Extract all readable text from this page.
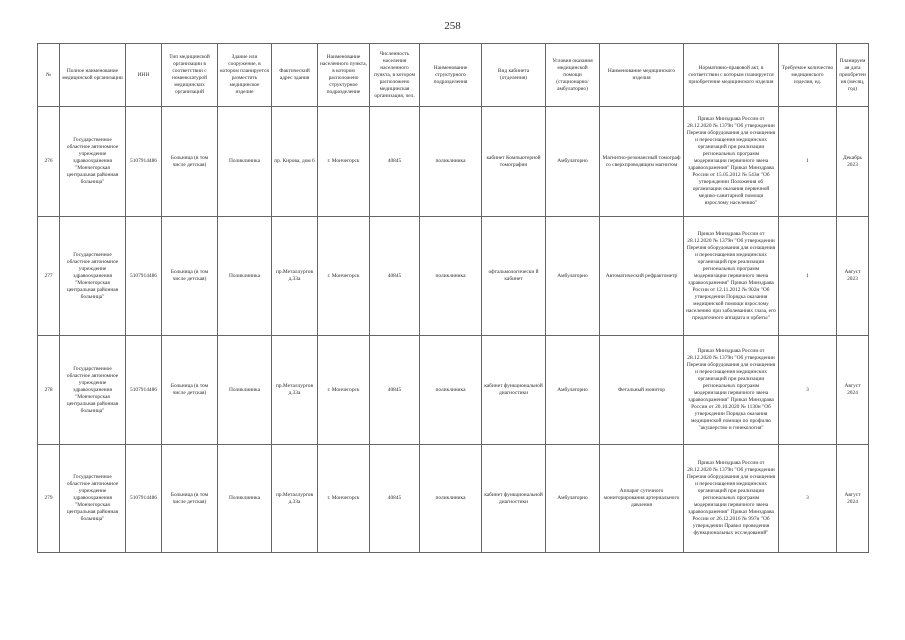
258
№	Полное наименование медицинской организации	ИНН	Тип медицинской организации в соответствии с номенклатурой медицинских организаций	Здание или сооружение, в котором планируется разместить медицинское изделие	Фактический адрес здания	Наименование населенного пункта, в котором расположено структурное подразделение	Численность населения населенного пункта, в котором расположено медицинская организация, чел.	Наименование структурного подразделения	Вид кабинета (отделения)	Условия оказания медицинской помощи (стационарно/амбулаторно)	Наименование медицинского изделия	Нормативно-правовой акт, в соответствии с которым планируется приобретение медицинского изделия	Требуемое количество медицинского изделия, ед.	Планируемая дата приобретения (месяц, год)
276	Государственное областное автономное учреждение здравоохранения "Мончегорская центральная районная больница"	5107914486	Больница (в том числе детская)	Поликлиника	пр. Кирова, дом 6	г. Мончегорск	40845	поликлиника	кабинет Компьютерной томографии	Амбулаторно	Магнитно-резонансный томограф со сверхпроводящим магнитом	Приказ Минздрава России от 28.12.2020 № 1379н "Об утверждении Перечня оборудования для оснащения и переоснащения медицинских организаций при реализации региональных программ модернизации первичного звена здравоохранения" Приказ Минздрава России от 15.05.2012 № 543н "Об утверждении Положения об организации оказания первичной медико-санитарной помощи взрослому населению"	1	Декабрь 2023
277	Государственное областное автономное учреждение здравоохранения "Мончегорская центральная районная больница"	5107914486	Больница (в том числе детская)	Поликлиника	пр.Металлургов д.33а	г. Мончегорск	40845	поликлиника	офтальмологически й кабинет	Амбулаторно	Автоматический рефрактометр	Приказ Минздрава России от 28.12.2020 № 1379н "Об утверждении Перечня оборудования для оснащения и переоснащения медицинских организаций при реализации региональных программ модернизации первичного звена здравоохранения" Приказ Минздрава России от 12.11.2012 № 902н "Об утверждении Порядка оказания медицинской помощи взрослому населению при заболеваниях глаза, его придаточного аппарата и орбиты"	1	Август 2023
278	Государственное областное автономное учреждение здравоохранения "Мончегорская центральная районная больница"	5107914486	Больница (в том числе детская)	Поликлиника	пр.Металлургов д.33а	г. Мончегорск	40845	поликлиника	кабинет функциональной диагностики	Амбулаторно	Фетальный монитор	Приказ Минздрава России от 28.12.2020 № 1379н "Об утверждении Перечня оборудования для оснащения и переоснащения медицинских организаций при реализации региональных программ модернизации первичного звена здравоохранения" Приказ Минздрава России от 20.10.2020 № 1130н "Об утверждении Порядка оказания медицинской помощи по профилю "акушерство и гинекология"	3	Август 2024
279	Государственное областное автономное учреждение здравоохранения "Мончегорская центральная районная больница"	5107914486	Больница (в том числе детская)	Поликлиника	пр.Металлургов д.33а	г. Мончегорск	40845	поликлиника	кабинет функциональной диагностики	Амбулаторно	Аппарат суточного мониторирования артериального давления	Приказ Минздрава России от 28.12.2020 № 1379н "Об утверждении Перечня оборудования для оснащения и переоснащения медицинских организаций при реализации региональных программ модернизации первичного звена здравоохранения" Приказ Минздрава России от 26.12.2016 № 997н "Об утверждении Правил проведения функциональных исследований"	3	Август 2024
